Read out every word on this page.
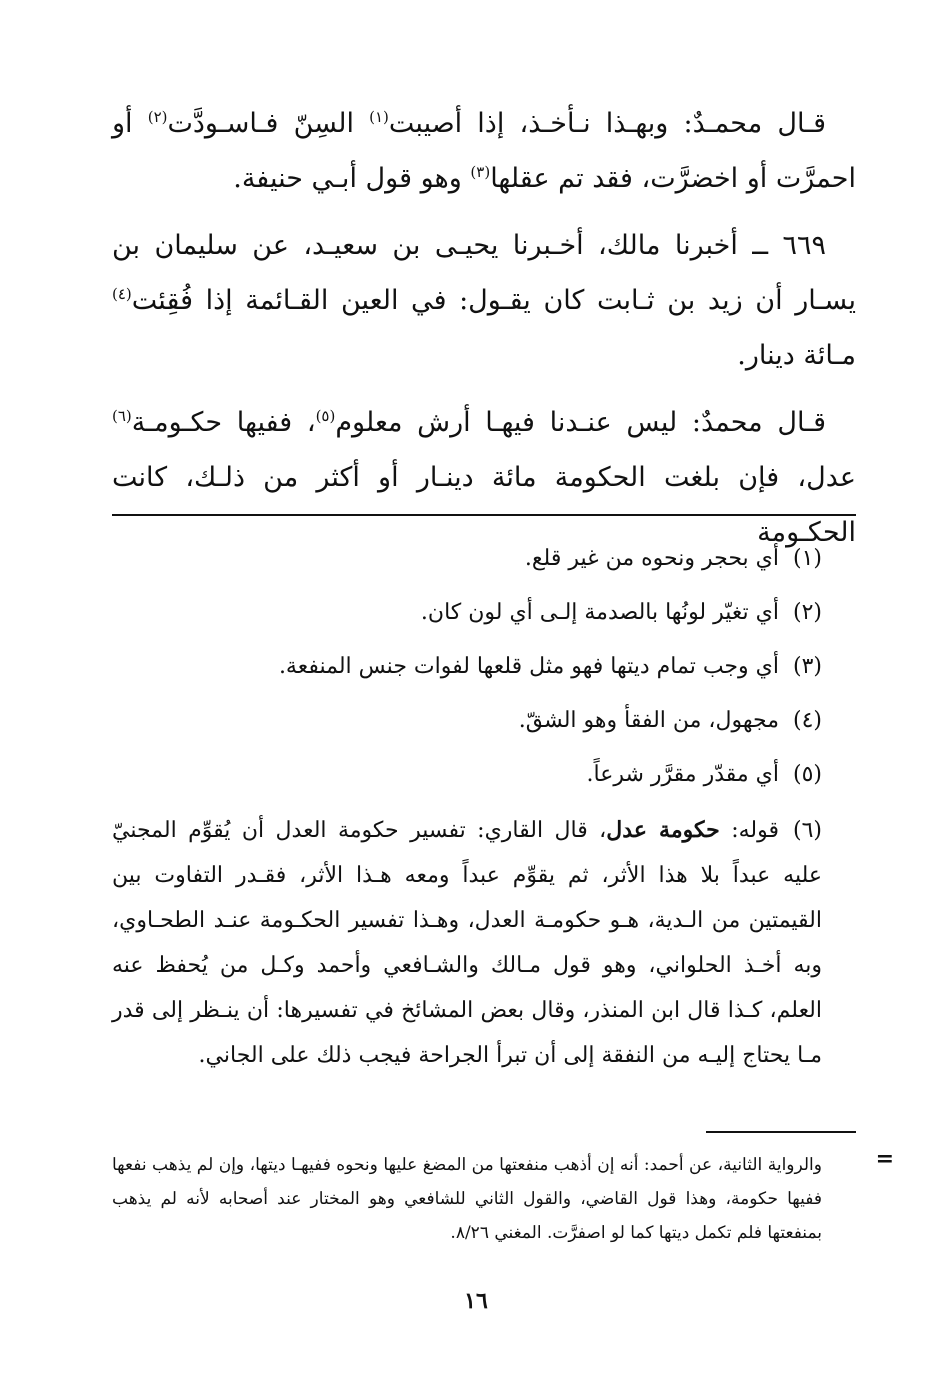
قـال محمـدٌ: وبهـذا نـأخـذ، إذا أصيبت$^{(١)}$ السِنّ فـاسـودَّت$^{(٢)}$ أو احمرَّت أو اخضرَّت، فقد تم عقلها$^{(٣)}$ وهو قول أبـي حنيفة.

٦٦٩ ــ أخبرنا مالك، أخـبرنا يحيـى بن سعيـد، عن سليمان بن يسـار أن زيد بن ثـابت كان يقـول: في العين القـائمة إذا فُقِئت$^{(٤)}$ مـائة دينار.

قـال محمدٌ: ليس عنـدنا فيهـا أرش معلوم$^{(٥)}$، ففيها حكـومـة$^{(٦)}$ عدل، فإن بلغت الحكومة مائة دينـار أو أكثر من ذلـك، كانت الحكـومة

(١)أي بحجر ونحوه من غير قلع.

(٢)أي تغيّر لونُها بالصدمة إلـى أي لون كان.

(٣)أي وجب تمام ديتها فهو مثل قلعها لفوات جنس المنفعة.

(٤)مجهول، من الفقأ وهو الشقّ.

(٥)أي مقدّر مقرَّر شرعاً.

(٦)قوله: حكومة عدل، قال القاري: تفسير حكومة العدل أن يُقوِّم المجنيّ عليه عبداً بلا هذا الأثر، ثم يقوِّم عبداً ومعه هـذا الأثر، فقـدر التفاوت بين القيمتين من الـدية، هـو حكومـة العدل، وهـذا تفسير الحكـومة عنـد الطحـاوي، وبه أخـذ الحلواني، وهو قول مـالك والشـافعي وأحمد وكـل من يُحفظ عنه العلم، كـذا قال ابن المنذر، وقال بعض المشائخ في تفسيرها: أن ينـظر إلى قدر مـا يحتاج إليـه من النفقة إلى أن تبرأ الجراحة فيجب ذلك على الجاني.

=

والرواية الثانية، عن أحمد: أنه إن أذهب منفعتها من المضغ عليها ونحوه ففيهـا ديتها، وإن لم يذهب نفعها ففيها حكومة، وهذا قول القاضي، والقول الثاني للشافعي وهو المختار عند أصحابه لأنه لم يذهب بمنفعتها فلم تكمل ديتها كما لو اصفرَّت. المغني ٨/٢٦.

١٦
